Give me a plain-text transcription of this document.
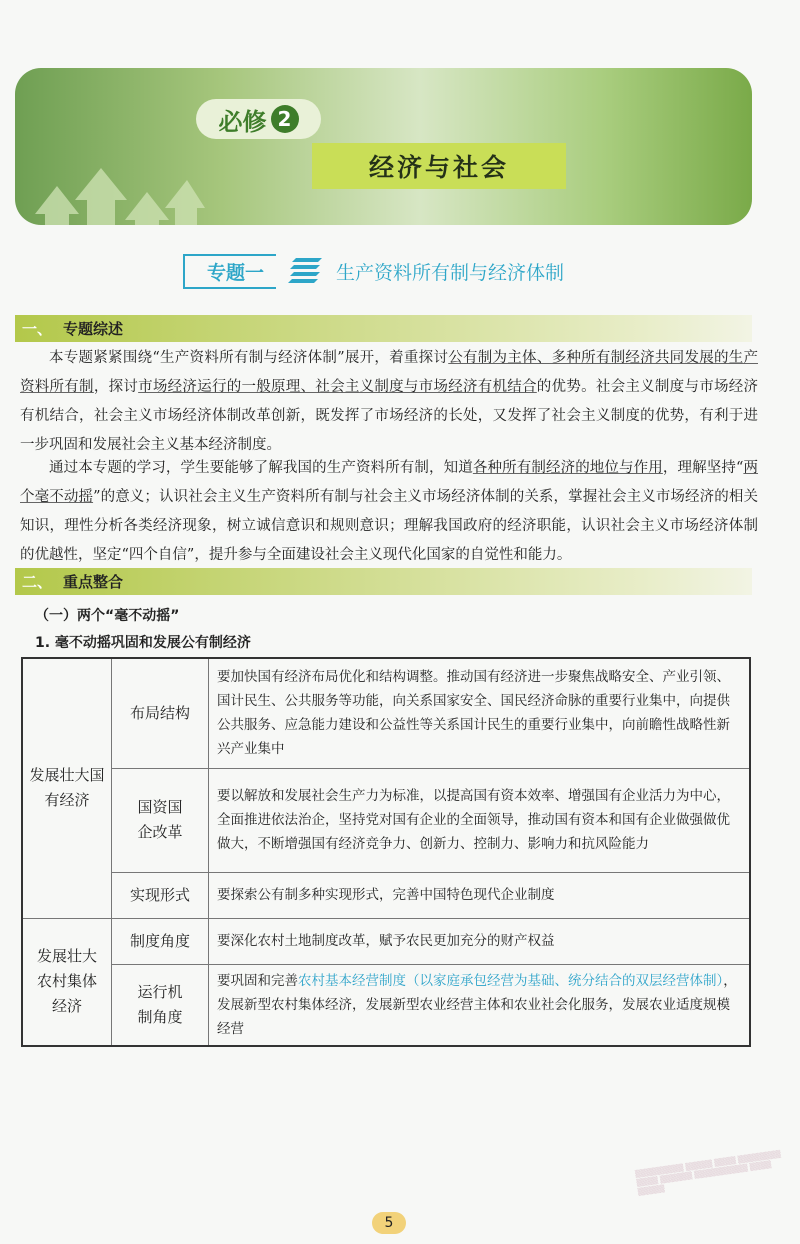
必修 2
经济与社会
专题一	生产资料所有制与经济体制
一、 专题综述

本专题紧紧围绕“生产资料所有制与经济体制”展开，着重探讨公有制为主体、多种所有制经济共同发展的生产资料所有制，探讨市场经济运行的一般原理、社会主义制度与市场经济有机结合的优势。社会主义制度与市场经济有机结合，社会主义市场经济体制改革创新，既发挥了市场经济的长处，又发挥了社会主义制度的优势，有利于进一步巩固和发展社会主义基本经济制度。

通过本专题的学习，学生要能够了解我国的生产资料所有制，知道各种所有制经济的地位与作用，理解坚持“两个毫不动摇”的意义；认识社会主义生产资料所有制与社会主义市场经济体制的关系，掌握社会主义市场经济的相关知识，理性分析各类经济现象，树立诚信意识和规则意识；理解我国政府的经济职能，认识社会主义市场经济体制的优越性，坚定“四个自信”，提升参与全面建设社会主义现代化国家的自觉性和能力。

二、 重点整合
（一）两个“毫不动摇”
1. 毫不动摇巩固和发展公有制经济
发展壮大国有经济	布局结构	要加快国有经济布局优化和结构调整。推动国有经济进一步聚焦战略安全、产业引领、国计民生、公共服务等功能，向关系国家安全、国民经济命脉的重要行业集中，向提供公共服务、应急能力建设和公益性等关系国计民生的重要行业集中，向前瞻性战略性新兴产业集中
	国资国企改革	要以解放和发展社会生产力为标准，以提高国有资本效率、增强国有企业活力为中心，全面推进依法治企，坚持党对国有企业的全面领导，推动国有资本和国有企业做强做优做大，不断增强国有经济竞争力、创新力、控制力、影响力和抗风险能力
	实现形式	要探索公有制多种实现形式，完善中国特色现代企业制度
发展壮大农村集体经济	制度角度	要深化农村土地制度改革，赋予农民更加充分的财产权益
	运行机制角度	要巩固和完善农村基本经营制度（以家庭承包经营为基础、统分结合的双层经营体制），发展新型农村集体经济，发展新型农业经营主体和农业社会化服务，发展农业适度规模经营
▒▒▒▒▒▒▒▒▒ ▒▒▒▒▒ ▒▒▒▒ ▒▒▒▒▒▒▒▒ ▒▒▒▒ ▒▒▒▒▒▒ ▒▒▒▒▒▒▒▒▒▒ ▒▒▒▒ ▒▒▒▒▒
5
